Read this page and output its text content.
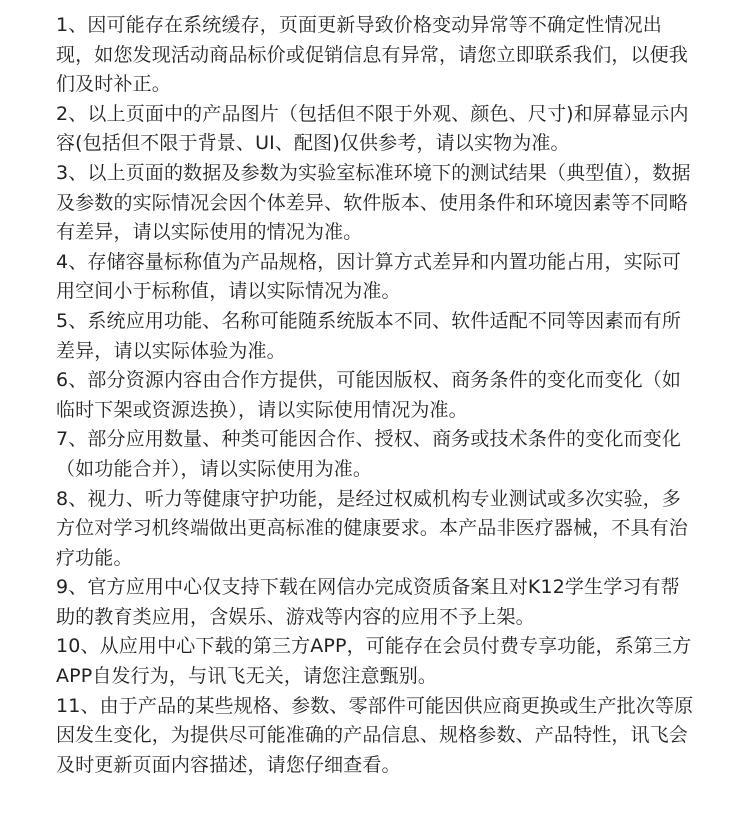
1、因可能存在系统缓存，页面更新导致价格变动异常等不确定性情况出现，如您发现活动商品标价或促销信息有异常，请您立即联系我们，以便我们及时补正。
2、以上页面中的产品图片（包括但不限于外观、颜色、尺寸)和屏幕显示内容(包括但不限于背景、UI、配图)仅供参考，请以实物为准。
3、以上页面的数据及参数为实验室标准环境下的测试结果（典型值），数据及参数的实际情况会因个体差异、软件版本、使用条件和环境因素等不同略有差异，请以实际使用的情况为准。
4、存储容量标称值为产品规格，因计算方式差异和内置功能占用，实际可用空间小于标称值，请以实际情况为准。
5、系统应用功能、名称可能随系统版本不同、软件适配不同等因素而有所差异，请以实际体验为准。
6、部分资源内容由合作方提供，可能因版权、商务条件的变化而变化（如临时下架或资源迭换），请以实际使用情况为准。
7、部分应用数量、种类可能因合作、授权、商务或技术条件的变化而变化（如功能合并），请以实际使用为准。
8、视力、听力等健康守护功能，是经过权威机构专业测试或多次实验，多方位对学习机终端做出更高标准的健康要求。本产品非医疗器械，不具有治疗功能。
9、官方应用中心仅支持下载在网信办完成资质备案且对K12学生学习有帮助的教育类应用，含娱乐、游戏等内容的应用不予上架。
10、从应用中心下载的第三方APP，可能存在会员付费专享功能，系第三方APP自发行为，与讯飞无关，请您注意甄别。
11、由于产品的某些规格、参数、零部件可能因供应商更换或生产批次等原因发生变化，为提供尽可能准确的产品信息、规格参数、产品特性，讯飞会及时更新页面内容描述，请您仔细查看。
